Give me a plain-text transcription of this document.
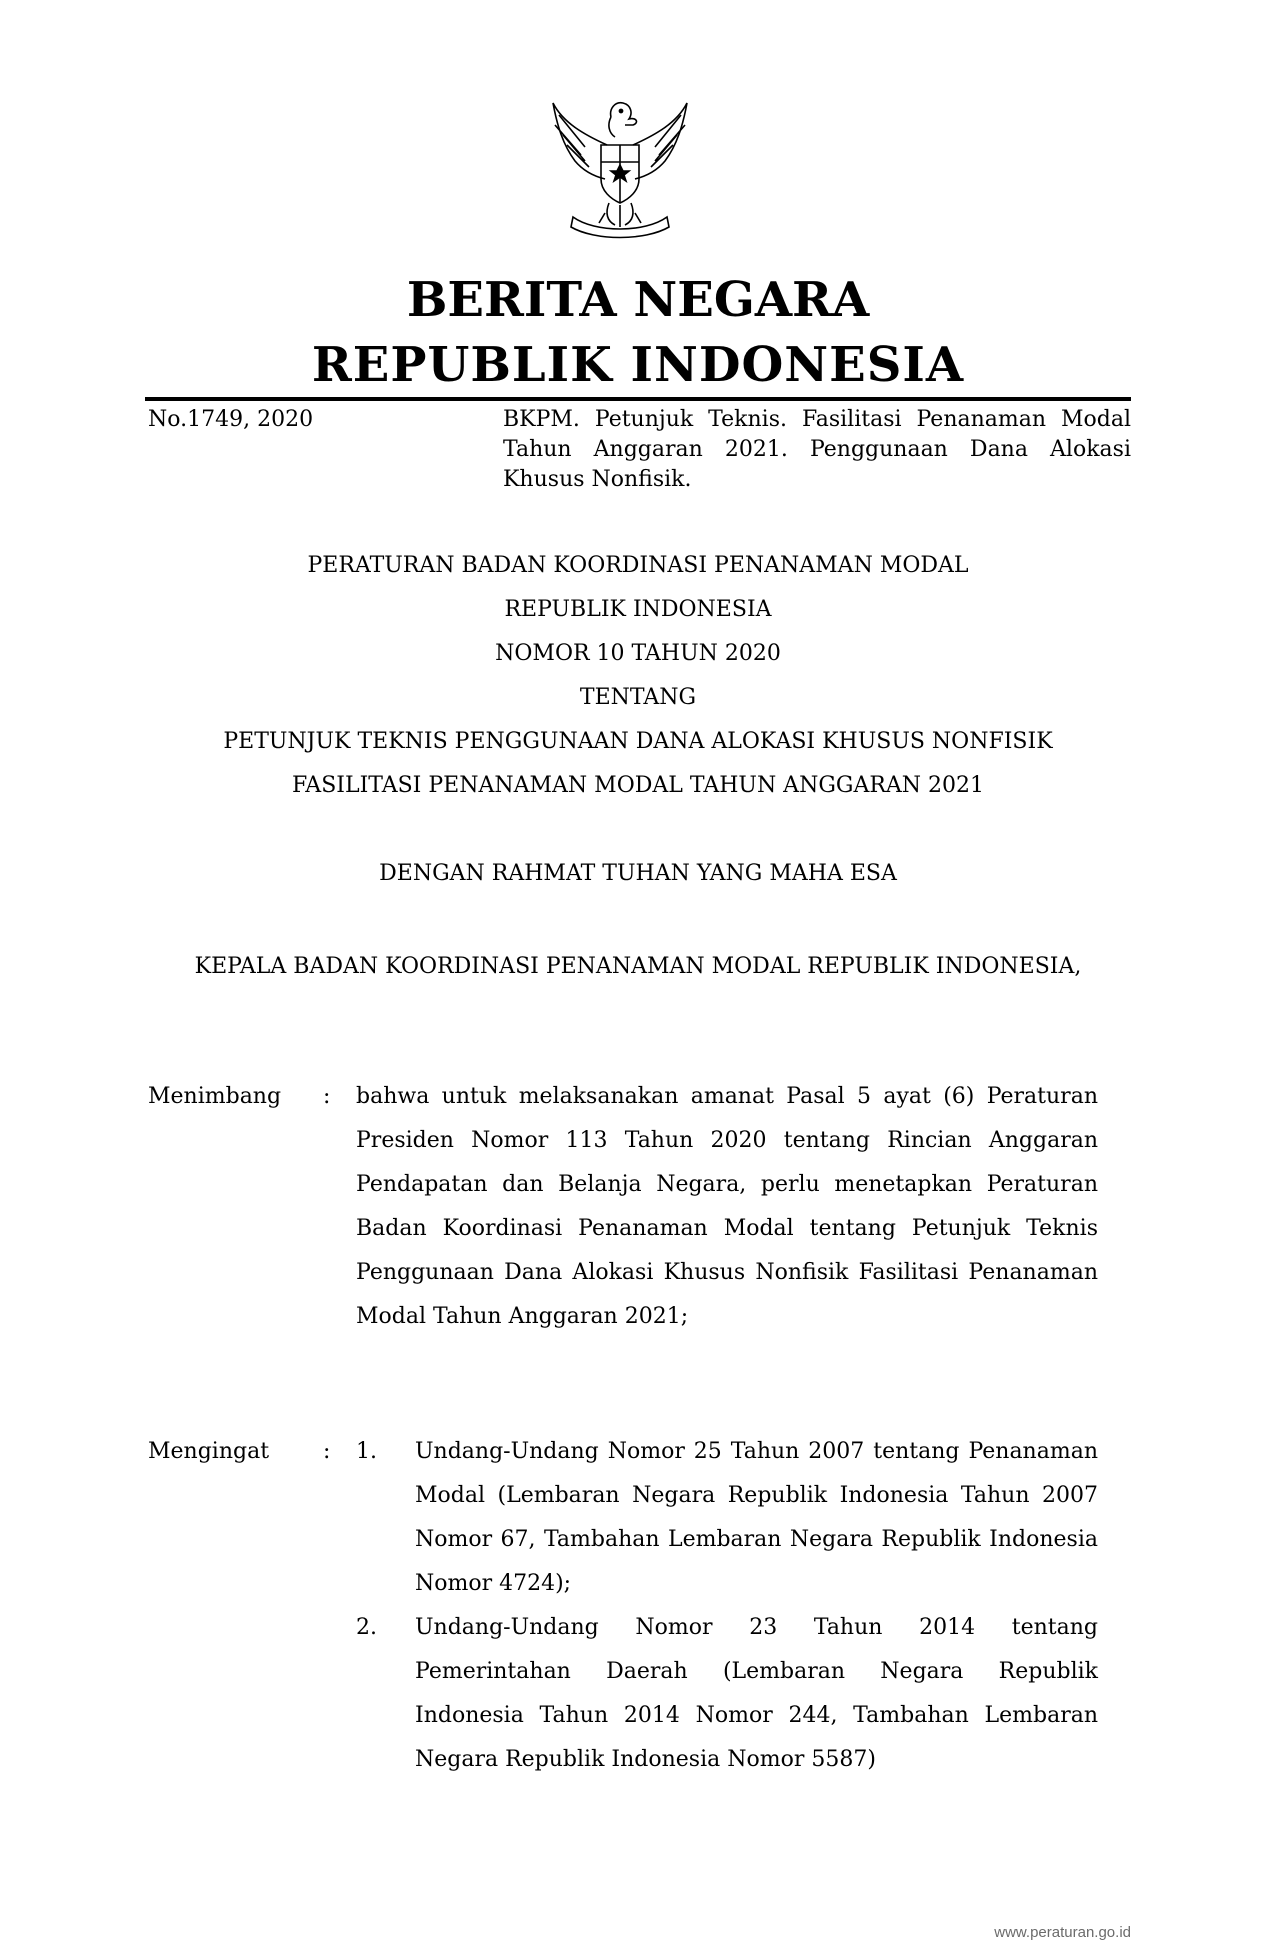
BERITA NEGARA
REPUBLIK INDONESIA
No.1749, 2020	BKPM. Petunjuk Teknis. Fasilitasi Penanaman Modal Tahun Anggaran 2021. Penggunaan Dana Alokasi Khusus Nonfisik.
PERATURAN BADAN KOORDINASI PENANAMAN MODAL
REPUBLIK INDONESIA
NOMOR 10 TAHUN 2020
TENTANG
PETUNJUK TEKNIS PENGGUNAAN DANA ALOKASI KHUSUS NONFISIK
FASILITASI PENANAMAN MODAL TAHUN ANGGARAN 2021
DENGAN RAHMAT TUHAN YANG MAHA ESA
KEPALA BADAN KOORDINASI PENANAMAN MODAL REPUBLIK INDONESIA,
Menimbang : bahwa untuk melaksanakan amanat Pasal 5 ayat (6) Peraturan Presiden Nomor 113 Tahun 2020 tentang Rincian Anggaran Pendapatan dan Belanja Negara, perlu menetapkan Peraturan Badan Koordinasi Penanaman Modal tentang Petunjuk Teknis Penggunaan Dana Alokasi Khusus Nonfisik Fasilitasi Penanaman Modal Tahun Anggaran 2021;
Mengingat : 1. Undang-Undang Nomor 25 Tahun 2007 tentang Penanaman Modal (Lembaran Negara Republik Indonesia Tahun 2007 Nomor 67, Tambahan Lembaran Negara Republik Indonesia Nomor 4724);
2. Undang-Undang Nomor 23 Tahun 2014 tentang Pemerintahan Daerah (Lembaran Negara Republik Indonesia Tahun 2014 Nomor 244, Tambahan Lembaran Negara Republik Indonesia Nomor 5587)
www.peraturan.go.id
